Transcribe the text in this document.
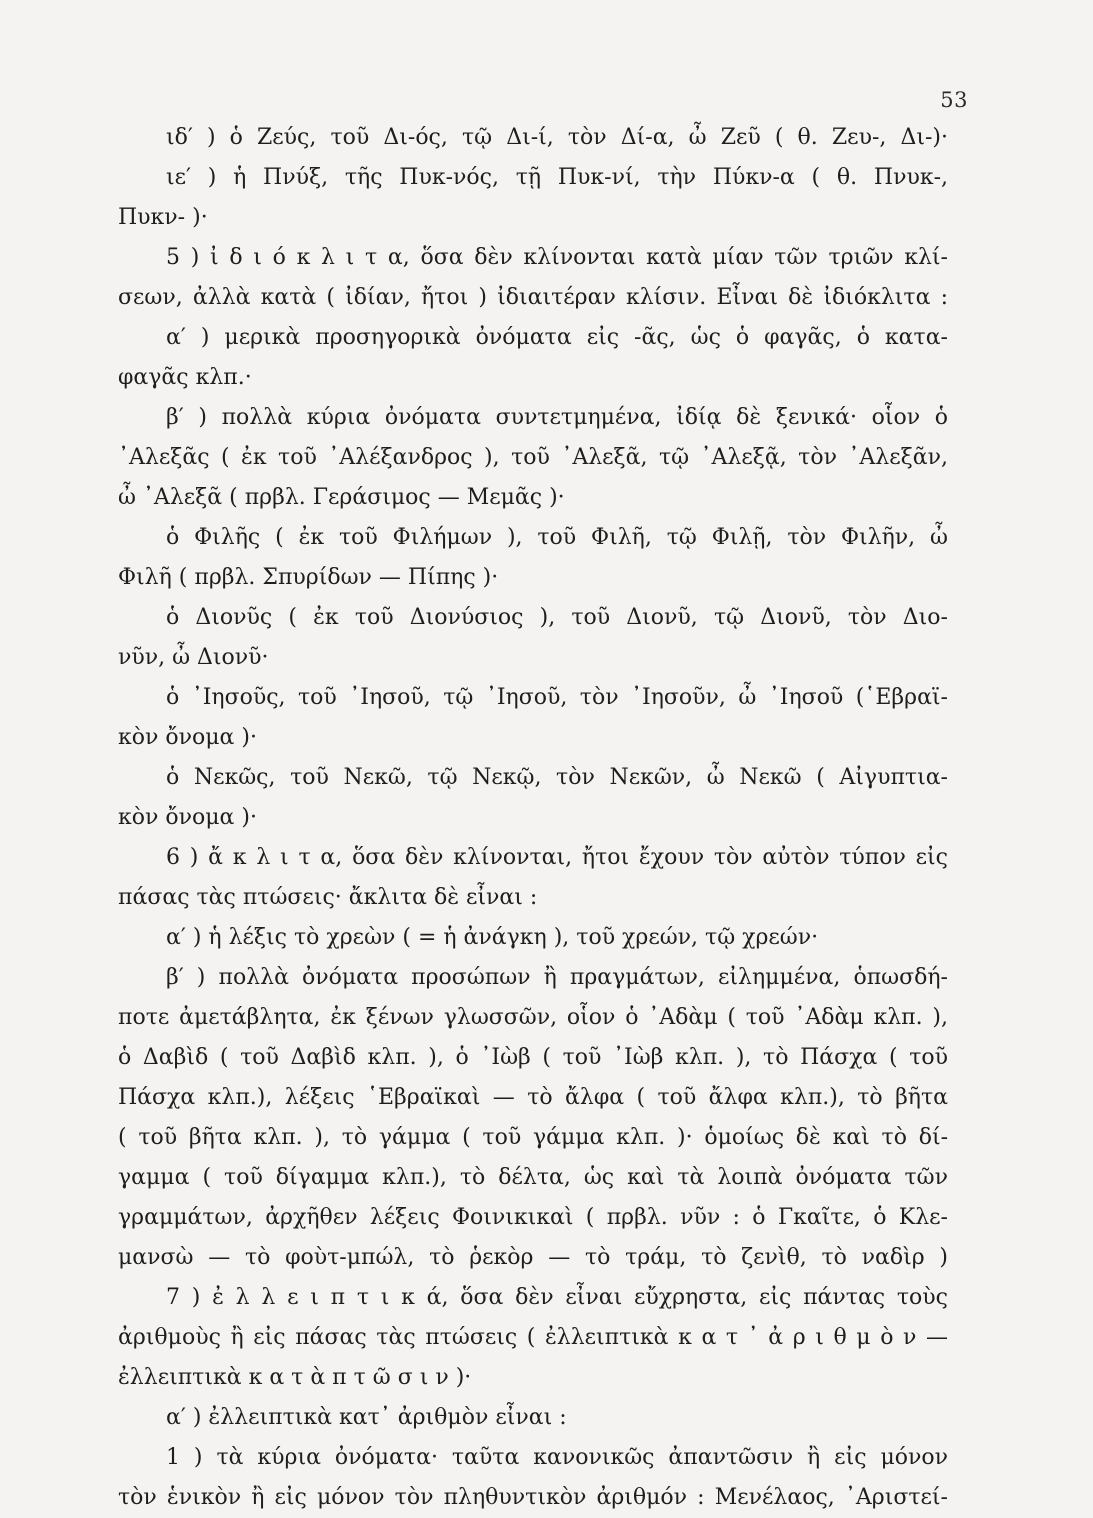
53
ιδ′ ) ὁ Ζεύς, τοῦ Δι-ός, τῷ Δι-ί, τὸν Δί-α, ὦ Ζεῦ ( θ. Ζευ-, Δι-)·
ιε′ ) ἡ Πνύξ, τῆς Πυκ-νός, τῇ Πυκ-νί, τὴν Πύκν-α ( θ. Πνυκ-,
Πυκν- )·
5 ) ἰ δ ι ό κ λ ι τ α, ὅσα δὲν κλίνονται κατὰ μίαν τῶν τριῶν κλί-
σεων, ἀλλὰ κατὰ ( ἰδίαν, ἤτοι ) ἰδιαιτέραν κλίσιν. Εἶναι δὲ ἰδιόκλιτα :
α′ ) μερικὰ προσηγορικὰ ὀνόματα εἰς -ᾶς, ὡς ὁ φαγᾶς, ὁ κατα-
φαγᾶς κλπ.·
β′ ) πολλὰ κύρια ὀνόματα συντετμημένα, ἰδίᾳ δὲ ξενικά· οἷον ὁ
᾿Αλεξᾶς ( ἐκ τοῦ ᾿Αλέξανδρος ), τοῦ ᾿Αλεξᾶ, τῷ ᾿Αλεξᾷ, τὸν ᾿Αλεξᾶν,
ὦ ᾿Αλεξᾶ ( πρβλ. Γεράσιμος — Μεμᾶς )·
ὁ Φιλῆς ( ἐκ τοῦ Φιλήμων ), τοῦ Φιλῆ, τῷ Φιλῇ, τὸν Φιλῆν, ὦ
Φιλῆ ( πρβλ. Σπυρίδων — Πίπης )·
ὁ Διονῦς ( ἐκ τοῦ Διονύσιος ), τοῦ Διονῦ, τῷ Διονῦ, τὸν Διο-
νῦν, ὦ Διονῦ·
ὁ ᾿Ιησοῦς, τοῦ ᾿Ιησοῦ, τῷ ᾿Ιησοῦ, τὸν ᾿Ιησοῦν, ὦ ᾿Ιησοῦ (῾Εβραϊ-
κὸν ὄνομα )·
ὁ Νεκῶς, τοῦ Νεκῶ, τῷ Νεκῷ, τὸν Νεκῶν, ὦ Νεκῶ ( Αἰγυπτια-
κὸν ὄνομα )·
6 ) ἄ κ λ ι τ α, ὅσα δὲν κλίνονται, ἤτοι ἔχουν τὸν αὐτὸν τύπον εἰς
πάσας τὰς πτώσεις· ἄκλιτα δὲ εἶναι :
α′ ) ἡ λέξις τὸ χρεὼν ( = ἡ ἀνάγκη ), τοῦ χρεών, τῷ χρεών·
β′ ) πολλὰ ὀνόματα προσώπων ἢ πραγμάτων, εἰλημμένα, ὁπωσδή-
ποτε ἀμετάβλητα, ἐκ ξένων γλωσσῶν, οἷον ὁ ᾿Αδὰμ ( τοῦ ᾿Αδὰμ κλπ. ),
ὁ Δαβὶδ ( τοῦ Δαβὶδ κλπ. ), ὁ ᾿Ιὼβ ( τοῦ ᾿Ιὼβ κλπ. ), τὸ Πάσχα ( τοῦ
Πάσχα κλπ.), λέξεις ῾Εβραϊκαὶ — τὸ ἄλφα ( τοῦ ἄλφα κλπ.), τὸ βῆτα
( τοῦ βῆτα κλπ. ), τὸ γάμμα ( τοῦ γάμμα κλπ. )· ὁμοίως δὲ καὶ τὸ δί-
γαμμα ( τοῦ δίγαμμα κλπ.), τὸ δέλτα, ὡς καὶ τὰ λοιπὰ ὀνόματα τῶν
γραμμάτων, ἀρχῆθεν λέξεις Φοινικικαὶ ( πρβλ. νῦν : ὁ Γκαῖτε, ὁ Κλε-
μανσὼ — τὸ φοὺτ-μπώλ, τὸ ῥεκὸρ — τὸ τράμ, τὸ ζενὶθ, τὸ ναδὶρ )
7 ) ἐ λ λ ε ι π τ ι κ ά, ὅσα δὲν εἶναι εὔχρηστα, εἰς πάντας τοὺς
ἀριθμοὺς ἢ εἰς πάσας τὰς πτώσεις ( ἐλλειπτικὰ κ α τ ᾿ ἀ ρ ι θ μ ὸ ν —
ἐλλειπτικὰ κ α τ ὰ π τ ῶ σ ι ν )·
α′ ) ἐλλειπτικὰ κατ᾿ ἀριθμὸν εἶναι :
1 ) τὰ κύρια ὀνόματα· ταῦτα κανονικῶς ἀπαντῶσιν ἢ εἰς μόνον
τὸν ἑνικὸν ἢ εἰς μόνον τὸν πληθυντικὸν ἀριθμόν : Μενέλαος, ᾿Αριστεί-
